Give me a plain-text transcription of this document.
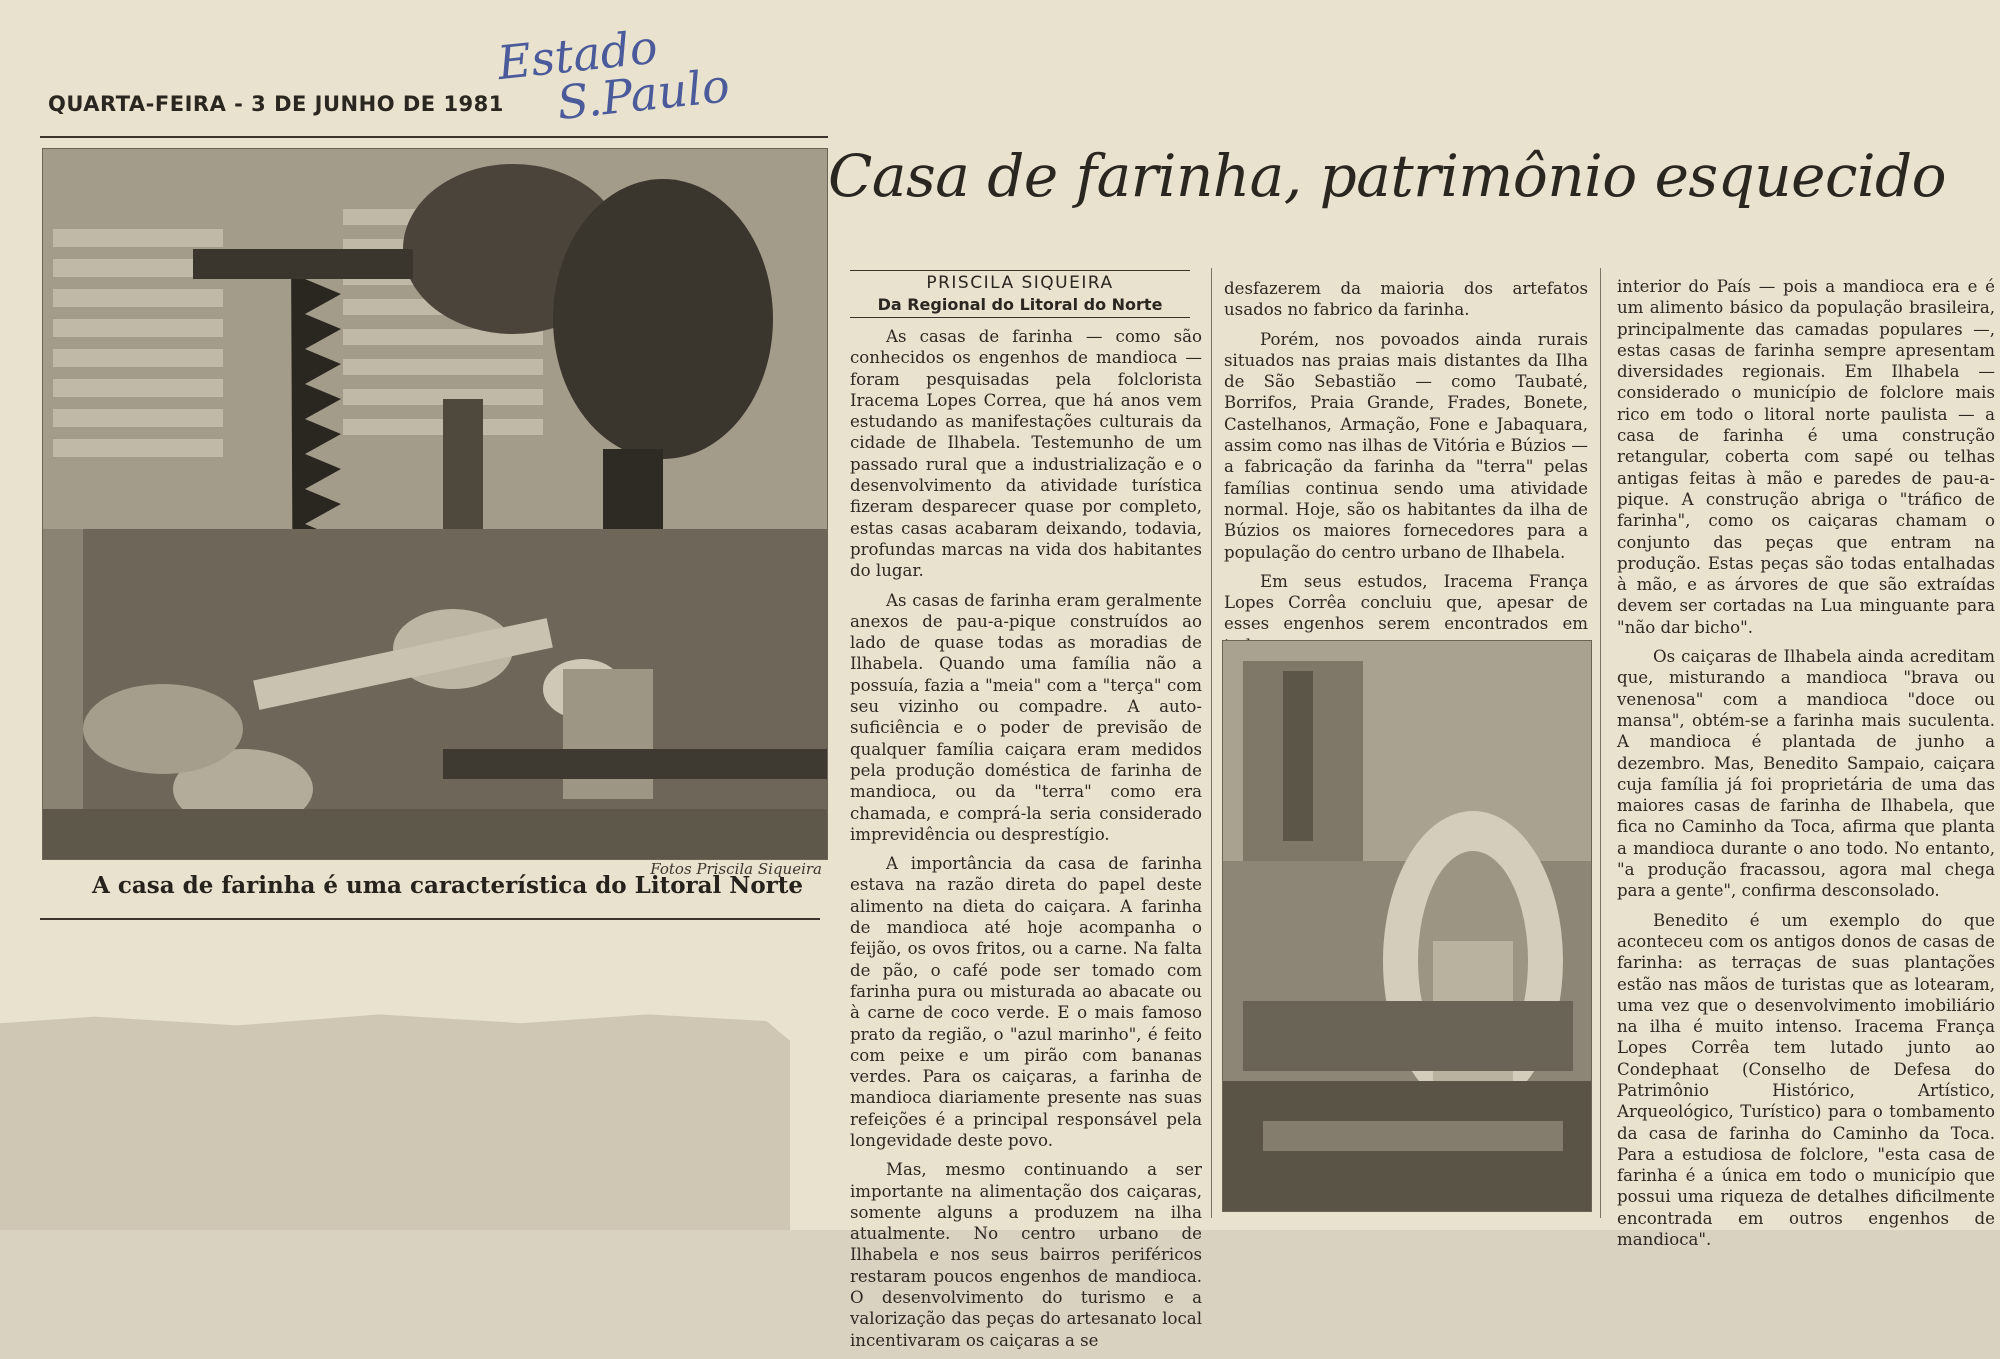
Estado
S.Paulo
QUARTA-FEIRA - 3 DE JUNHO DE 1981
Fotos Priscila Siqueira
A casa de farinha é uma característica do Litoral Norte
Casa de farinha, patrimônio esquecido
PRISCILA SIQUEIRA
Da Regional do Litoral do Norte

As casas de farinha — como são conhecidos os engenhos de mandioca — foram pesquisadas pela folclorista Iracema Lopes Correa, que há anos vem estudando as manifestações culturais da cidade de Ilhabela. Testemunho de um passado rural que a industrialização e o desenvolvimento da atividade turística fizeram desparecer quase por completo, estas casas acabaram deixando, todavia, profundas marcas na vida dos habitantes do lugar.

As casas de farinha eram geralmente anexos de pau-a-pique construídos ao lado de quase todas as moradias de Ilhabela. Quando uma família não a possuía, fazia a "meia" com a "terça" com seu vizinho ou compadre. A auto-suficiência e o poder de previsão de qualquer família caiçara eram medidos pela produção doméstica de farinha de mandioca, ou da "terra" como era chamada, e comprá-la seria considerado imprevidência ou desprestígio.

A importância da casa de farinha estava na razão direta do papel deste alimento na dieta do caiçara. A farinha de mandioca até hoje acompanha o feijão, os ovos fritos, ou a carne. Na falta de pão, o café pode ser tomado com farinha pura ou misturada ao abacate ou à carne de coco verde. E o mais famoso prato da região, o "azul marinho", é feito com peixe e um pirão com bananas verdes. Para os caiçaras, a farinha de mandioca diariamente presente nas suas refeições é a principal responsável pela longevidade deste povo.

Mas, mesmo continuando a ser importante na alimentação dos caiçaras, somente alguns a produzem na ilha atualmente. No centro urbano de Ilhabela e nos seus bairros periféricos restaram poucos engenhos de mandioca. O desenvolvimento do turismo e a valorização das peças do artesanato local incentivaram os caiçaras a se

desfazerem da maioria dos artefatos usados no fabrico da farinha.

Porém, nos povoados ainda rurais situados nas praias mais distantes da Ilha de São Sebastião — como Taubaté, Borrifos, Praia Grande, Frades, Bonete, Castelhanos, Armação, Fone e Jabaquara, assim como nas ilhas de Vitória e Búzios — a fabricação da farinha da "terra" pelas famílias continua sendo uma atividade normal. Hoje, são os habitantes da ilha de Búzios os maiores fornecedores para a população do centro urbano de Ilhabela.

Em seus estudos, Iracema França Lopes Corrêa concluiu que, apesar de esses engenhos serem encontrados em

interior do País — pois a mandioca era e é um alimento básico da população brasileira, principalmente das camadas populares —, estas casas de farinha sempre apresentam diversidades regionais. Em Ilhabela — considerado o município de folclore mais rico em todo o litoral norte paulista — a casa de farinha é uma construção retangular, coberta com sapé ou telhas antigas feitas à mão e paredes de pau-a-pique. A construção abriga o "tráfico de farinha", como os caiçaras chamam o conjunto das peças que entram na produção. Estas peças são todas entalhadas à mão, e as árvores de que são extraídas devem ser cortadas na Lua minguante para "não dar bicho".

Os caiçaras de Ilhabela ainda acreditam que, misturando a mandioca "brava ou venenosa" com a mandioca "doce ou mansa", obtém-se a farinha mais suculenta. A mandioca é plantada de junho a dezembro. Mas, Benedito Sampaio, caiçara cuja família já foi proprietária de uma das maiores casas de farinha de Ilhabela, que fica no Caminho da Toca, afirma que planta a mandioca durante o ano todo. No entanto, "a produção fracassou, agora mal chega para a gente", confirma desconsolado.

Benedito é um exemplo do que aconteceu com os antigos donos de casas de farinha: as terraças de suas plantações estão nas mãos de turistas que as lotearam, uma vez que o desenvolvimento imobiliário na ilha é muito intenso. Iracema França Lopes Corrêa tem lutado junto ao Condephaat (Conselho de Defesa do Patrimônio Histórico, Artístico, Arqueológico, Turístico) para o tombamento da casa de farinha do Caminho da Toca. Para a estudiosa de folclore, "esta casa de farinha é a única em todo o município que possui uma riqueza de detalhes dificilmente encontrada em outros engenhos de mandioca".
